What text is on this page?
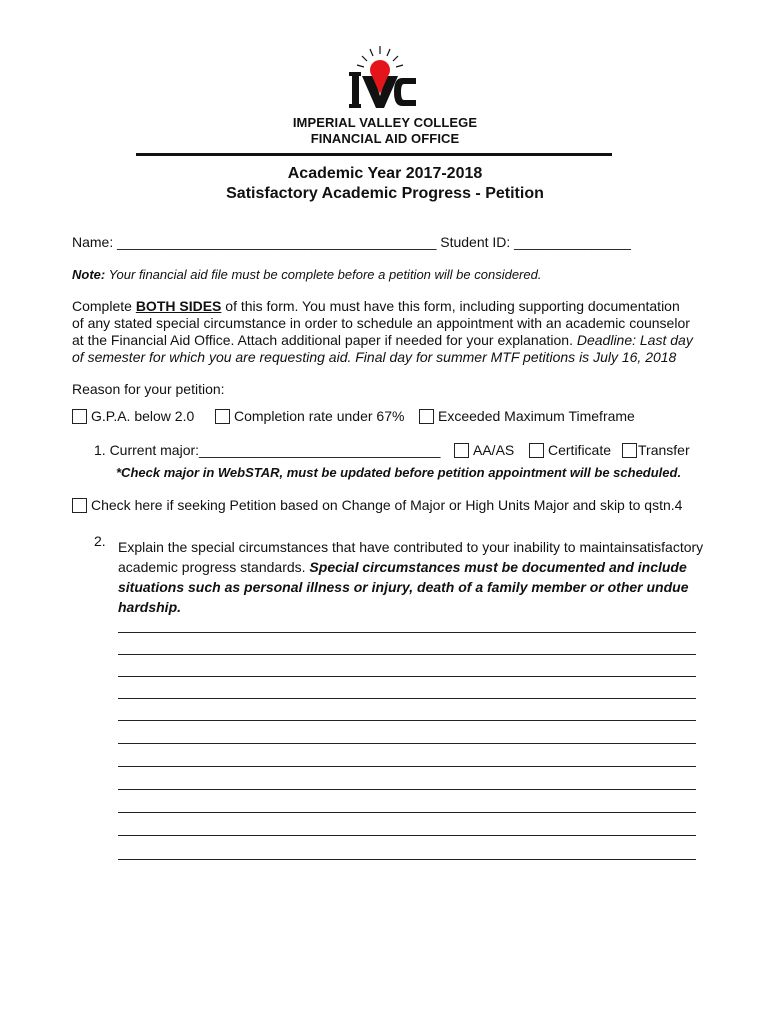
IMPERIAL VALLEY COLLEGE
FINANCIAL AID OFFICE
Academic Year 2017-2018
Satisfactory Academic Progress - Petition
Name: _________________________________________ Student ID: _______________
Note: Your financial aid file must be complete before a petition will be considered.
Complete BOTH SIDES of this form. You must have this form, including supporting documentation
of any stated special circumstance in order to schedule an appointment with an academic counselor
at the Financial Aid Office. Attach additional paper if needed for your explanation. Deadline: Last day
of semester for which you are requesting aid. Final day for summer MTF petitions is July 16, 2018
Reason for your petition:
G.P.A. below 2.0	Completion rate under 67% Exceeded Maximum Timeframe
1. Current major:_______________________________ AA/AS Certificate Transfer
*Check major in WebSTAR, must be updated before petition appointment will be scheduled.
Check here if seeking Petition based on Change of Major or High Units Major and skip to qstn.4
2. Explain the special circumstances that have contributed to your inability to maintainsatisfactory
academic progress standards. Special circumstances must be documented and include
situations such as personal illness or injury, death of a family member or other undue
hardship.
